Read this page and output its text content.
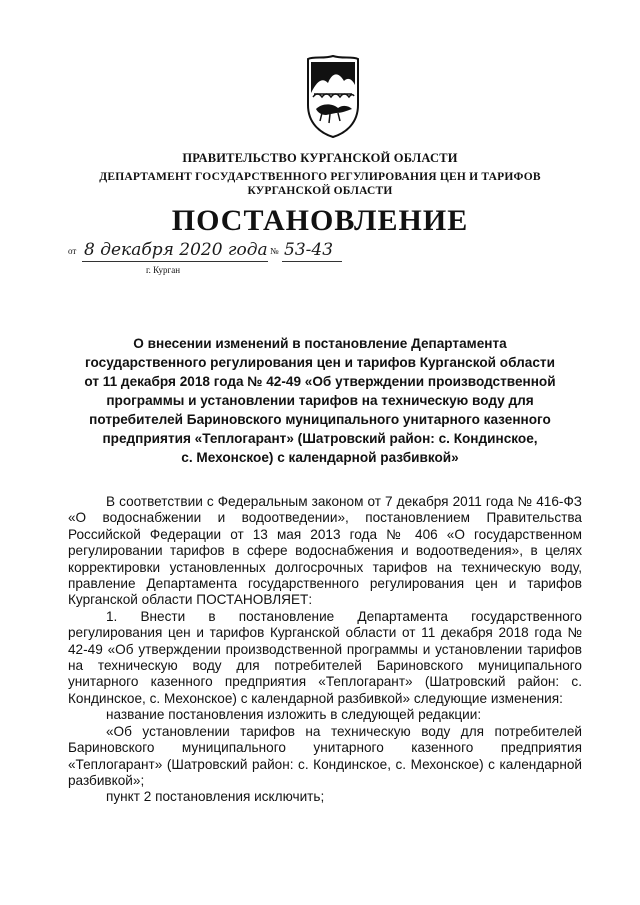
ПРАВИТЕЛЬСТВО КУРГАНСКОЙ ОБЛАСТИ
ДЕПАРТАМЕНТ ГОСУДАРСТВЕННОГО РЕГУЛИРОВАНИЯ ЦЕН И ТАРИФОВ
КУРГАНСКОЙ ОБЛАСТИ
ПОСТАНОВЛЕНИЕ
от 8 декабря 2020 года № 53-43
г. Курган
О внесении изменений в постановление Департамента
государственного регулирования цен и тарифов Курганской области
от 11 декабря 2018 года № 42-49 «Об утверждении производственной
программы и установлении тарифов на техническую воду для
потребителей Бариновского муниципального унитарного казенного
предприятия «Теплогарант» (Шатровский район: с. Кондинское,
с. Мехонское) с календарной разбивкой»

В соответствии с Федеральным законом от 7 декабря 2011 года № 416-ФЗ «О водоснабжении и водоотведении», постановлением Правительства Российской Федерации от 13 мая 2013 года № 406 «О государственном регулировании тарифов в сфере водоснабжения и водоотведения», в целях корректировки установленных долгосрочных тарифов на техническую воду, правление Департамента государственного регулирования цен и тарифов Курганской области ПОСТАНОВЛЯЕТ:

1. Внести в постановление Департамента государственного регулирования цен и тарифов Курганской области от 11 декабря 2018 года № 42-49 «Об утверждении производственной программы и установлении тарифов на техническую воду для потребителей Бариновского муниципального унитарного казенного предприятия «Теплогарант» (Шатровский район: с. Кондинское, с. Мехонское) с календарной разбивкой» следующие изменения:

название постановления изложить в следующей редакции:

«Об установлении тарифов на техническую воду для потребителей Бариновского муниципального унитарного казенного предприятия «Теплогарант» (Шатровский район: с. Кондинское, с. Мехонское) с календарной разбивкой»;

пункт 2 постановления исключить;
